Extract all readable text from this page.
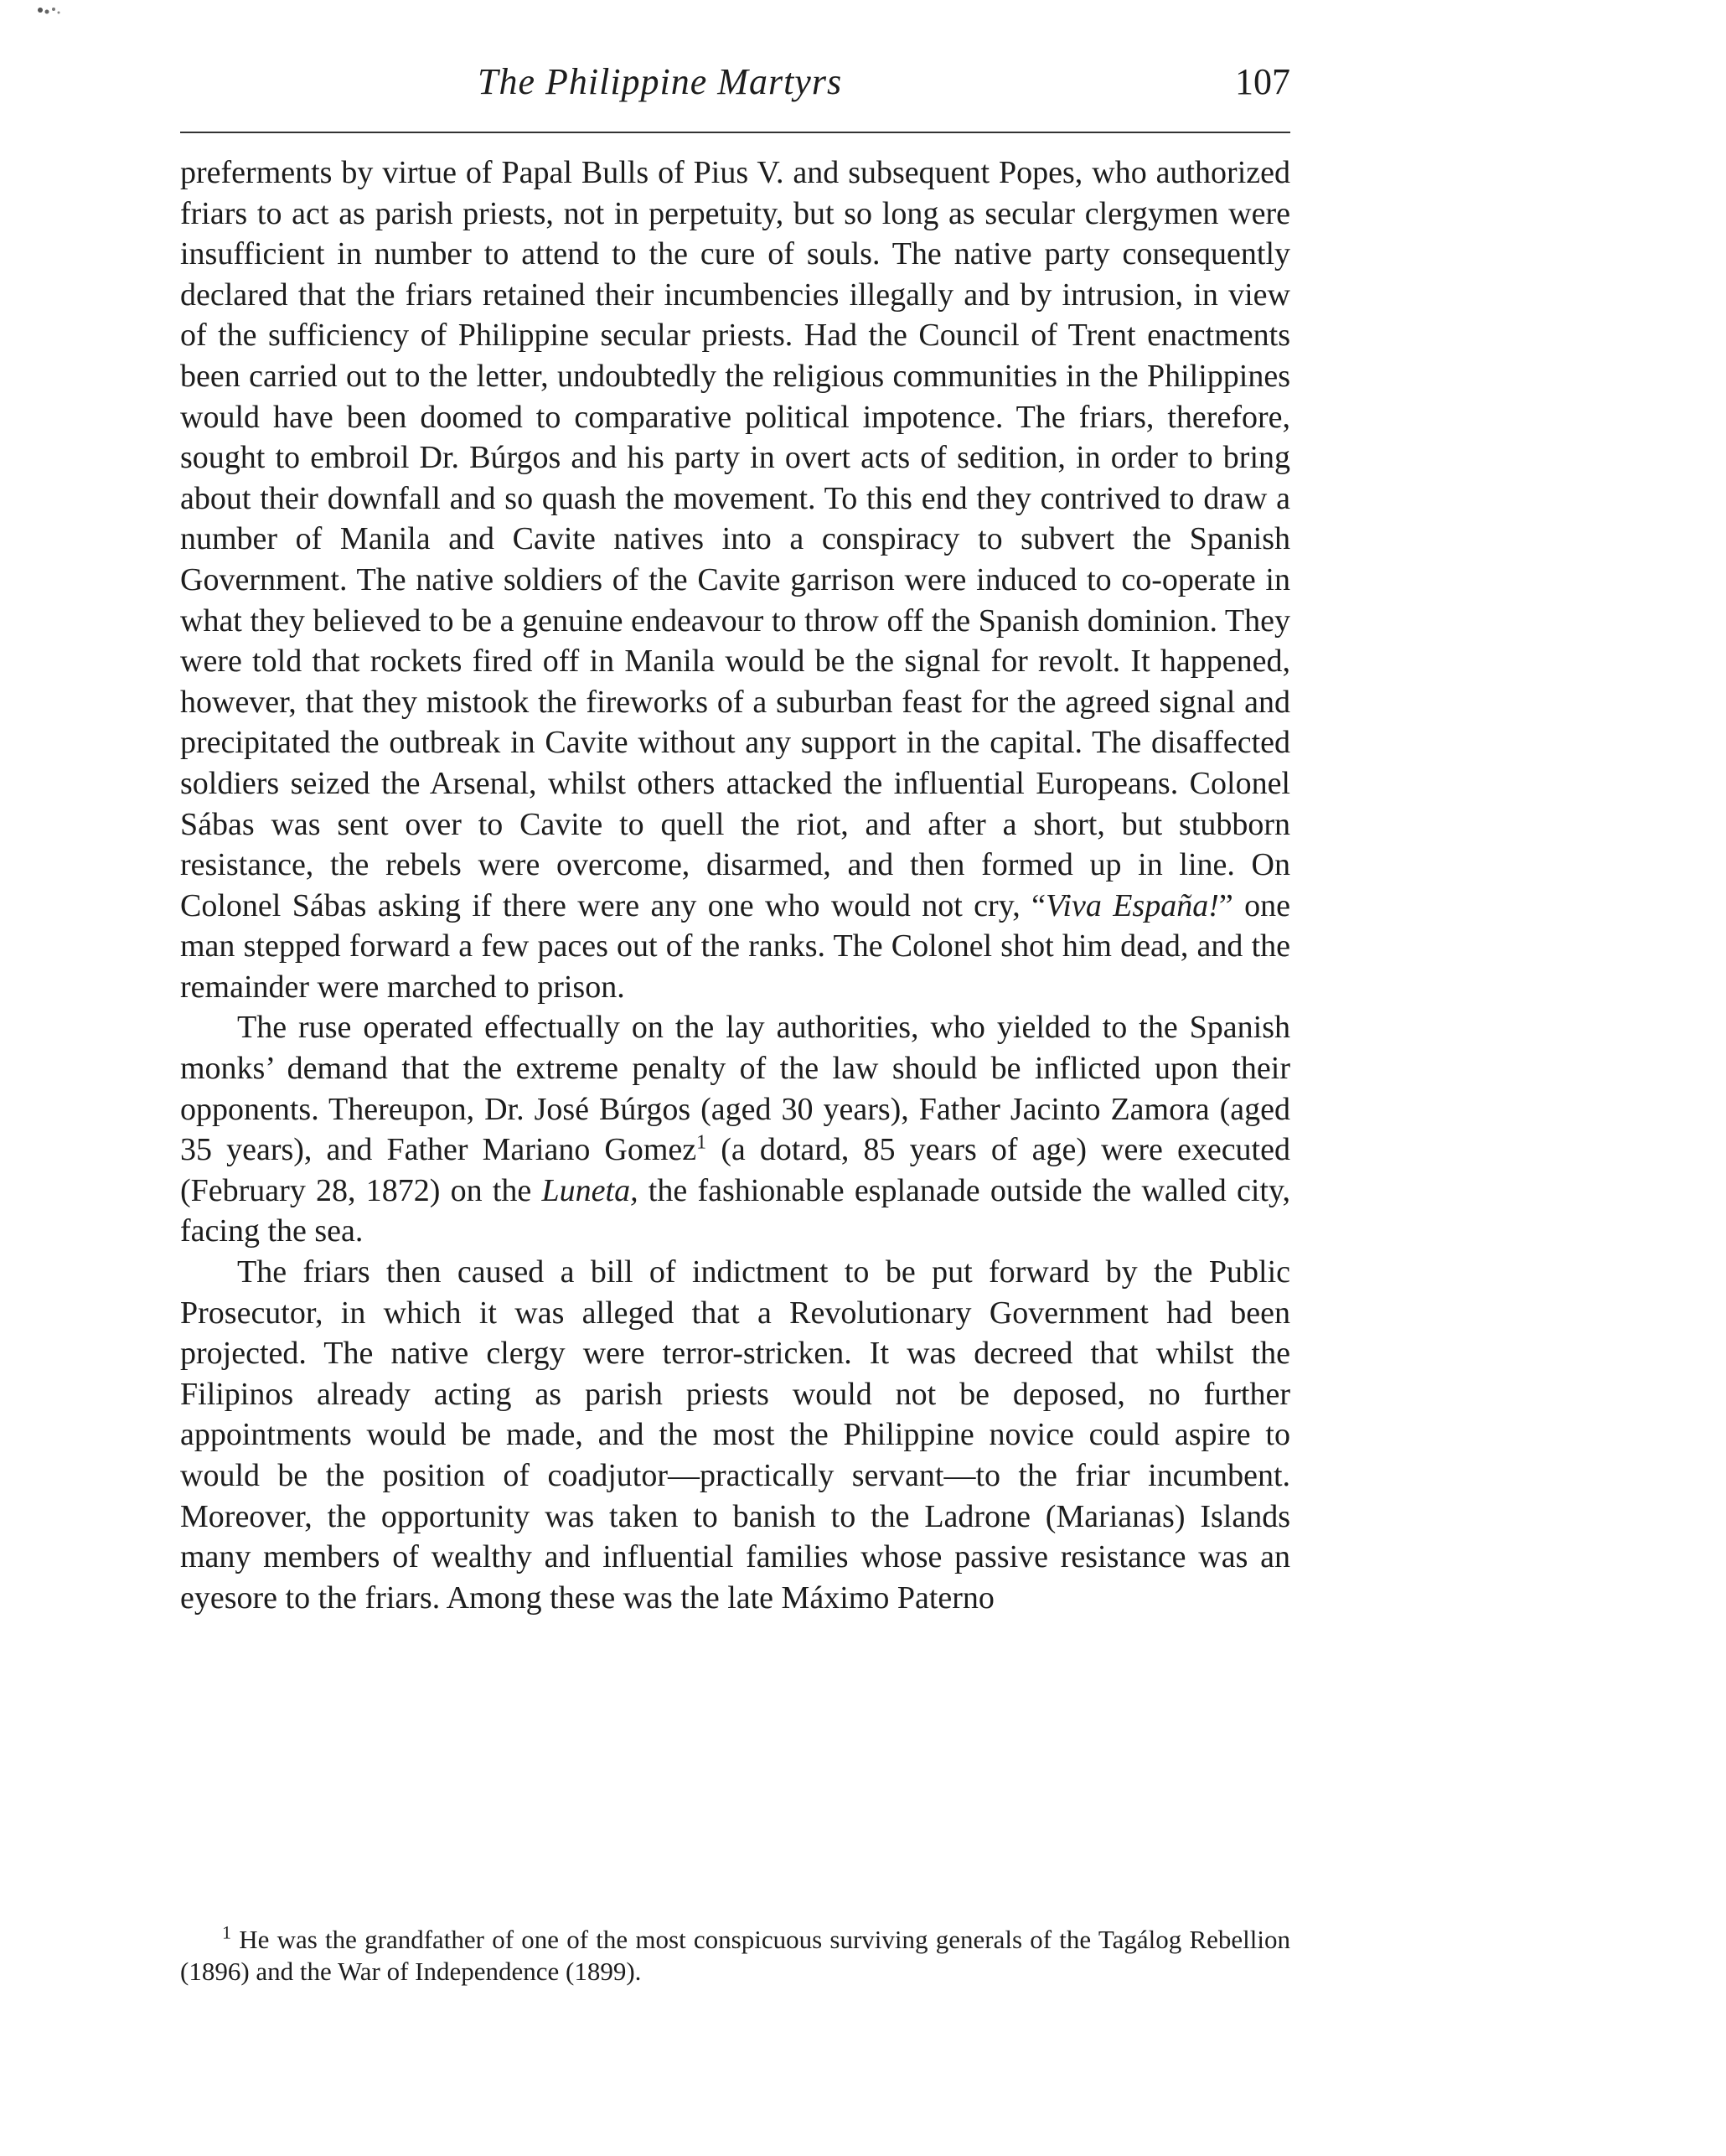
The Philippine Martyrs	107

preferments by virtue of Papal Bulls of Pius V. and subsequent Popes, who authorized friars to act as parish priests, not in perpetuity, but so long as secular clergymen were insufficient in number to attend to the cure of souls. The native party consequently declared that the friars retained their incumbencies illegally and by intrusion, in view of the sufficiency of Philippine secular priests. Had the Council of Trent enactments been carried out to the letter, undoubtedly the religious communities in the Philippines would have been doomed to comparative political impotence. The friars, therefore, sought to embroil Dr. Búrgos and his party in overt acts of sedition, in order to bring about their downfall and so quash the movement. To this end they contrived to draw a number of Manila and Cavite natives into a conspiracy to subvert the Spanish Government. The native soldiers of the Cavite garrison were induced to co-operate in what they believed to be a genuine endeavour to throw off the Spanish dominion. They were told that rockets fired off in Manila would be the signal for revolt. It happened, however, that they mistook the fireworks of a suburban feast for the agreed signal and precipitated the outbreak in Cavite without any support in the capital. The disaffected soldiers seized the Arsenal, whilst others attacked the influential Europeans. Colonel Sábas was sent over to Cavite to quell the riot, and after a short, but stubborn resistance, the rebels were overcome, disarmed, and then formed up in line. On Colonel Sábas asking if there were any one who would not cry, “Viva España!” one man stepped forward a few paces out of the ranks. The Colonel shot him dead, and the remainder were marched to prison.

The ruse operated effectually on the lay authorities, who yielded to the Spanish monks’ demand that the extreme penalty of the law should be inflicted upon their opponents. Thereupon, Dr. José Búrgos (aged 30 years), Father Jacinto Zamora (aged 35 years), and Father Mariano Gomez$^1$ (a dotard, 85 years of age) were executed (February 28, 1872) on the Luneta, the fashionable esplanade outside the walled city, facing the sea.

The friars then caused a bill of indictment to be put forward by the Public Prosecutor, in which it was alleged that a Revolutionary Government had been projected. The native clergy were terror-stricken. It was decreed that whilst the Filipinos already acting as parish priests would not be deposed, no further appointments would be made, and the most the Philippine novice could aspire to would be the position of coadjutor—practically servant—to the friar incumbent. Moreover, the opportunity was taken to banish to the Ladrone (Marianas) Islands many members of wealthy and influential families whose passive resistance was an eyesore to the friars. Among these was the late Máximo Paterno

$^1$ He was the grandfather of one of the most conspicuous surviving generals of the Tagálog Rebellion (1896) and the War of Independence (1899).
